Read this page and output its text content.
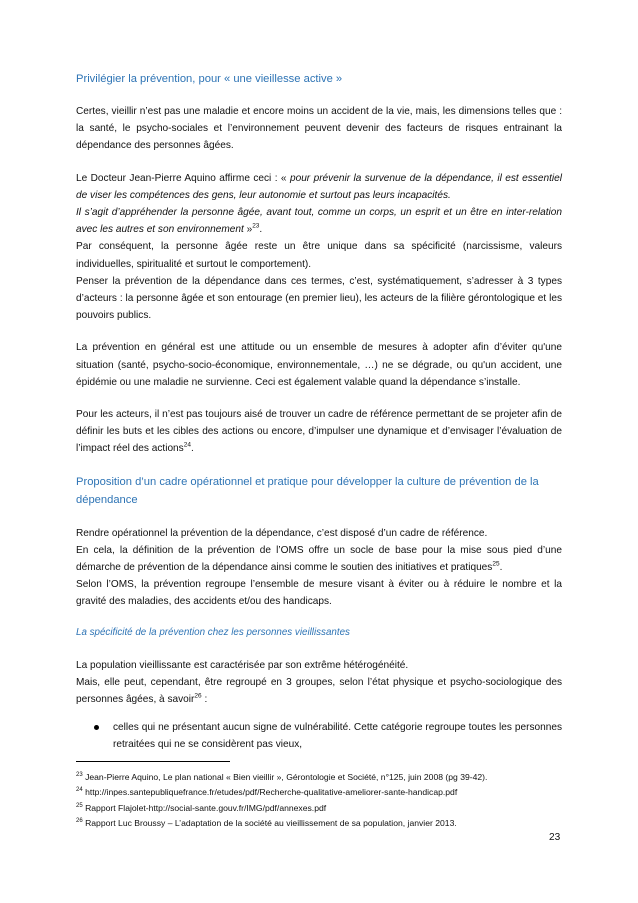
Privilégier la prévention, pour « une vieillesse active »

Certes, vieillir n’est pas une maladie et encore moins un accident de la vie, mais, les dimensions telles que : la santé, le psycho-sociales et l’environnement peuvent devenir des facteurs de risques entrainant la dépendance des personnes âgées.

Le Docteur Jean-Pierre Aquino affirme ceci : « pour prévenir la survenue de la dépendance, il est essentiel de viser les compétences des gens, leur autonomie et surtout pas leurs incapacités.

Il s’agit d’appréhender la personne âgée, avant tout, comme un corps, un esprit et un être en inter-relation avec les autres et son environnement »$^{23}$.

Par conséquent, la personne âgée reste un être unique dans sa spécificité (narcissisme, valeurs individuelles, spiritualité et surtout le comportement).

Penser la prévention de la dépendance dans ces termes, c’est, systématiquement, s’adresser à 3 types d’acteurs : la personne âgée et son entourage (en premier lieu), les acteurs de la filière gérontologique et les pouvoirs publics.

La prévention en général est une attitude ou un ensemble de mesures à adopter afin d’éviter qu'une situation (santé, psycho-socio-économique, environnementale, …) ne se dégrade, ou qu'un accident, une épidémie ou une maladie ne survienne. Ceci est également valable quand la dépendance s’installe.

Pour les acteurs, il n’est pas toujours aisé de trouver un cadre de référence permettant de se projeter afin de définir les buts et les cibles des actions ou encore, d’impulser une dynamique et d’envisager l’évaluation de l’impact réel des actions$^{24}$.

Proposition d’un cadre opérationnel et pratique pour développer la culture de prévention de la dépendance

Rendre opérationnel la prévention de la dépendance, c’est disposé d’un cadre de référence.

En cela, la définition de la prévention de l’OMS offre un socle de base pour la mise sous pied d’une démarche de prévention de la dépendance ainsi comme le soutien des initiatives et pratiques$^{25}$.

Selon l’OMS, la prévention regroupe l’ensemble de mesure visant à éviter ou à réduire le nombre et la gravité des maladies, des accidents et/ou des handicaps.

La spécificité de la prévention chez les personnes vieillissantes

La population vieillissante est caractérisée par son extrême hétérogénéité.

Mais, elle peut, cependant, être regroupé en 3 groupes, selon l’état physique et psycho-sociologique des personnes âgées, à savoir$^{26}$ :

celles qui ne présentant aucun signe de vulnérabilité. Cette catégorie regroupe toutes les personnes retraitées qui ne se considèrent pas vieux,

$^{23}$ Jean-Pierre Aquino, Le plan national « Bien vieillir », Gérontologie et Société, n°125, juin 2008 (pg 39-42).
$^{24}$ http://inpes.santepubliquefrance.fr/etudes/pdf/Recherche-qualitative-ameliorer-sante-handicap.pdf
$^{25}$ Rapport Flajolet-http://social-sante.gouv.fr/IMG/pdf/annexes.pdf
$^{26}$ Rapport Luc Broussy – L’adaptation de la société au vieillissement de sa population, janvier 2013.
23
